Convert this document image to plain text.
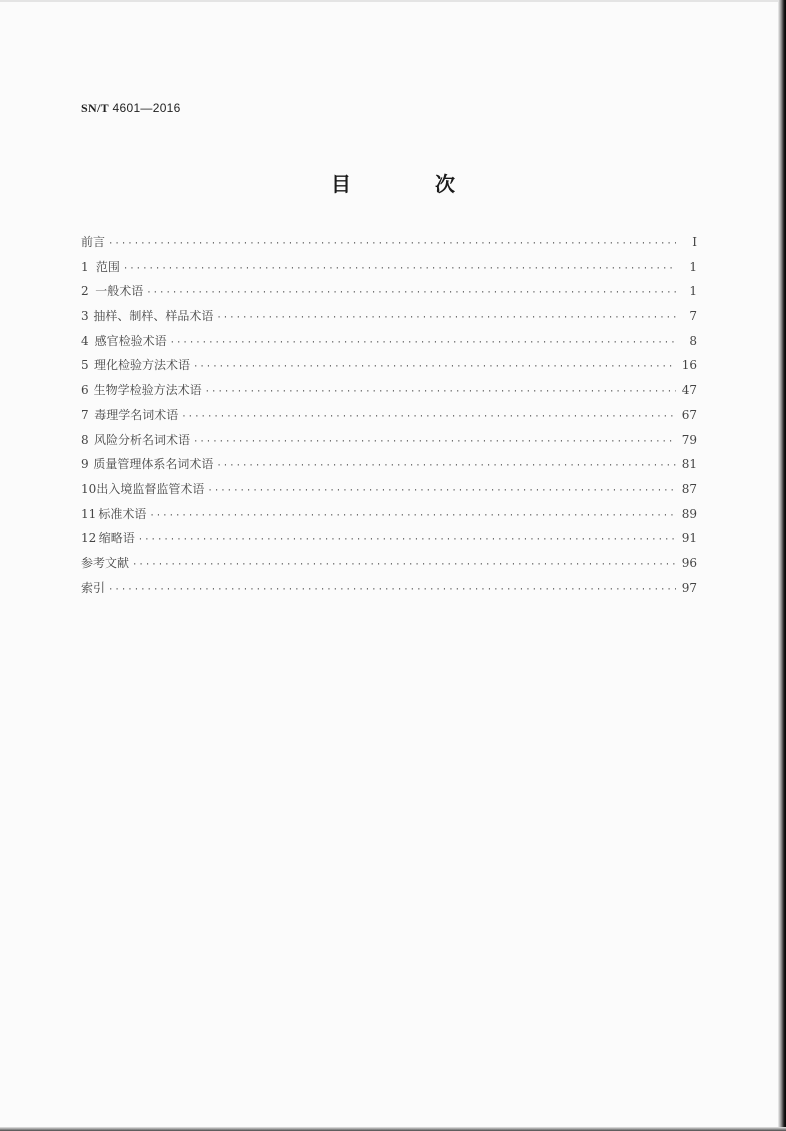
SN/T 4601—2016
目　次
前言 ·····	Ⅰ
1 范围 ·····	1
2 一般术语 ·····	1
3 抽样、制样、样品术语 ·····	7
4 感官检验术语 ·····	8
5 理化检验方法术语 ·····	16
6 生物学检验方法术语 ·····	47
7 毒理学名词术语 ·····	67
8 风险分析名词术语 ·····	79
9 质量管理体系名词术语 ·····	81
10 出入境监督监管术语 ·····	87
11 标准术语 ·····	89
12 缩略语 ·····	91
参考文献 ·····	96
索引 ·····	97
